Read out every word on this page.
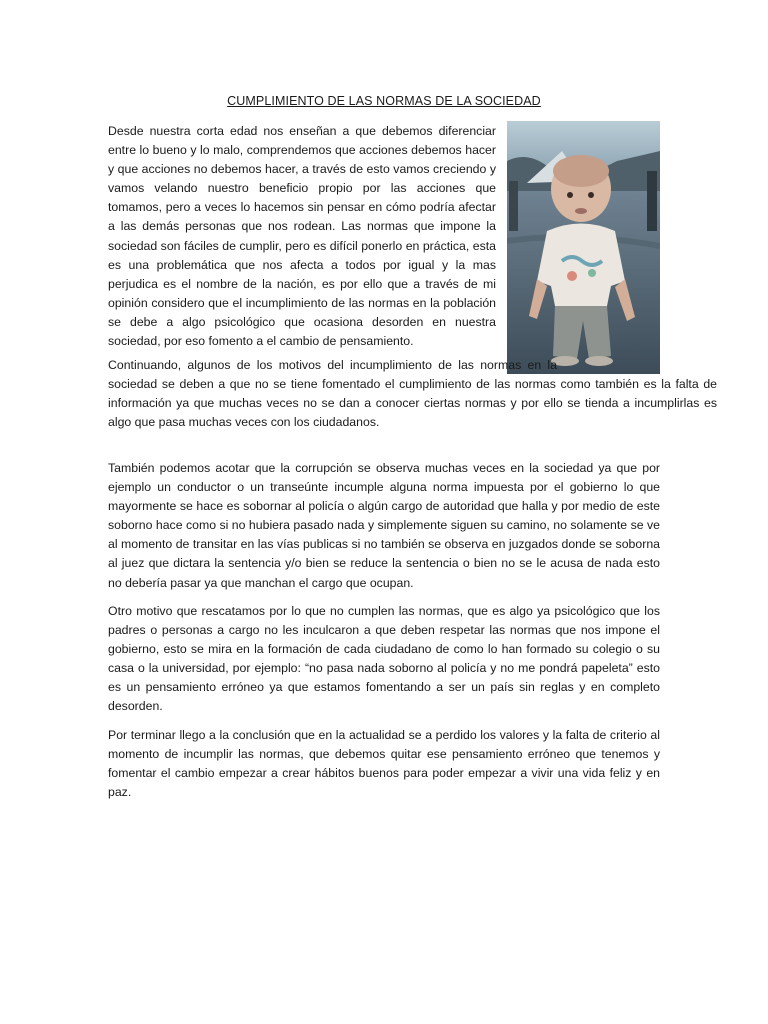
CUMPLIMIENTO DE LAS NORMAS DE LA SOCIEDAD

Desde nuestra corta edad nos enseñan a que debemos diferenciar entre lo bueno y lo malo, comprendemos que acciones debemos hacer y que acciones no debemos hacer, a través de esto vamos creciendo y vamos velando nuestro beneficio propio por las acciones que tomamos, pero a veces lo hacemos sin pensar en cómo podría afectar a las demás personas que nos rodean. Las normas que impone la sociedad son fáciles de cumplir, pero es difícil ponerlo en práctica, esta es una problemática que nos afecta a todos por igual y la mas perjudica es el nombre de la nación, es por ello que a través de mi opinión considero que el incumplimiento de las normas en la población se debe a algo psicológico que ocasiona desorden en nuestra sociedad, por eso fomento a el cambio de pensamiento.

Continuando, algunos de los motivos del incumplimiento de las normas en la sociedad se deben a que no se tiene fomentado el cumplimiento de las normas como también es la falta de información ya que muchas veces no se dan a conocer ciertas normas y por ello se tienda a incumplirlas es algo que pasa muchas veces con los ciudadanos.

También podemos acotar que la corrupción se observa muchas veces en la sociedad ya que por ejemplo un conductor o un transeúnte incumple alguna norma impuesta por el gobierno lo que mayormente se hace es sobornar al policía o algún cargo de autoridad que halla y por medio de este soborno hace como si no hubiera pasado nada y simplemente siguen su camino, no solamente se ve al momento de transitar en las vías publicas si no también se observa en juzgados donde se soborna al juez que dictara la sentencia y/o bien se reduce la sentencia o bien no se le acusa de nada esto no debería pasar ya que manchan el cargo que ocupan.

Otro motivo que rescatamos por lo que no cumplen las normas, que es algo ya psicológico que los padres o personas a cargo no les inculcaron a que deben respetar las normas que nos impone el gobierno, esto se mira en la formación de cada ciudadano de como lo han formado su colegio o su casa o la universidad, por ejemplo: “no pasa nada soborno al policía y no me pondrá papeleta” esto es un pensamiento erróneo ya que estamos fomentando a ser un país sin reglas y en completo desorden.

Por terminar llego a la conclusión que en la actualidad se a perdido los valores y la falta de criterio al momento de incumplir las normas, que debemos quitar ese pensamiento erróneo que tenemos y fomentar el cambio empezar a crear hábitos buenos para poder empezar a vivir una vida feliz y en paz.
